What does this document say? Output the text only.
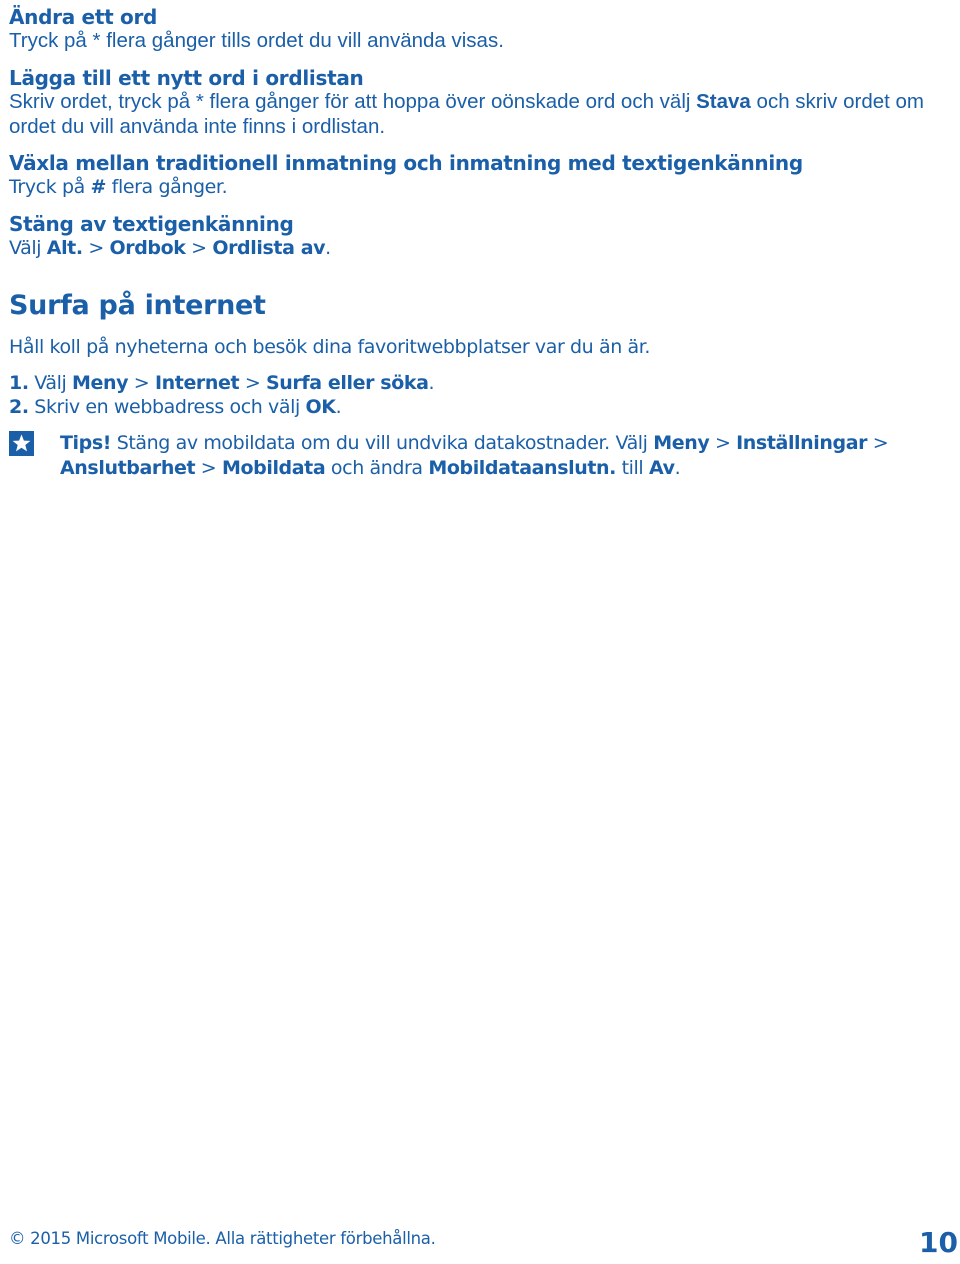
Ändra ett ord
Tryck på * flera gånger tills ordet du vill använda visas.
Lägga till ett nytt ord i ordlistan
Skriv ordet, tryck på * flera gånger för att hoppa över oönskade ord och välj Stava och skriv ordet om ordet du vill använda inte finns i ordlistan.
Växla mellan traditionell inmatning och inmatning med textigenkänning
Tryck på # flera gånger.
Stäng av textigenkänning
Välj Alt. > Ordbok > Ordlista av.
Surfa på internet
Håll koll på nyheterna och besök dina favoritwebbplatser var du än är.
1. Välj Meny > Internet > Surfa eller söka.
2. Skriv en webbadress och välj OK.
Tips! Stäng av mobildata om du vill undvika datakostnader. Välj Meny > Inställningar > Anslutbarhet > Mobildata och ändra Mobildataanslutn. till Av.
© 2015 Microsoft Mobile. Alla rättigheter förbehållna.	10
